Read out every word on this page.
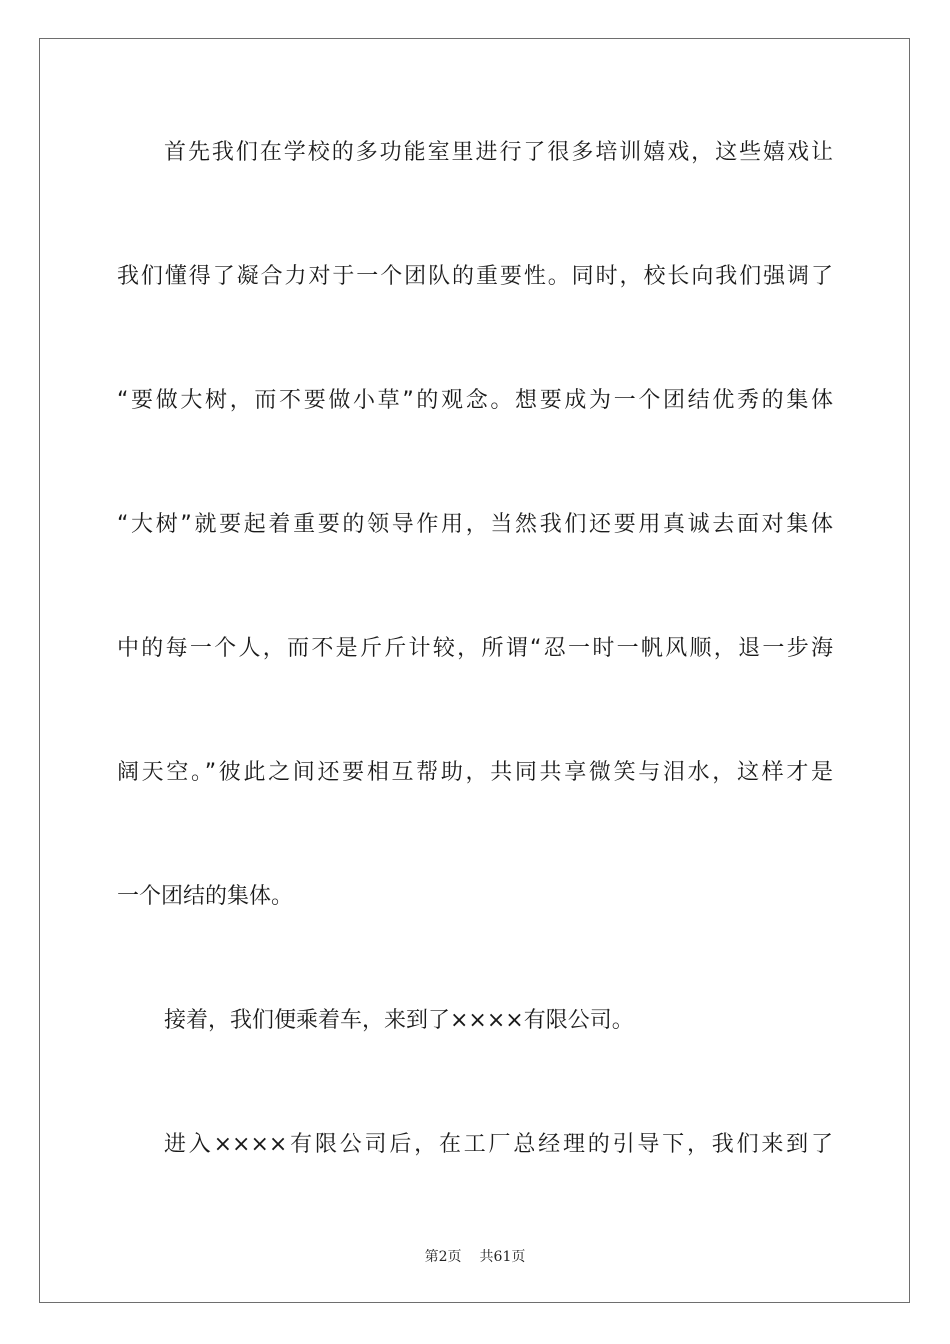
首先我们在学校的多功能室里进行了很多培训嬉戏，这些嬉戏让

我们懂得了凝合力对于一个团队的重要性。同时，校长向我们强调了

“要做大树，而不要做小草”的观念。想要成为一个团结优秀的集体

“大树”就要起着重要的领导作用，当然我们还要用真诚去面对集体

中的每一个人，而不是斤斤计较，所谓“忍一时一帆风顺，退一步海

阔天空。”彼此之间还要相互帮助，共同共享微笑与泪水，这样才是

一个团结的集体。

接着，我们便乘着车，来到了××××有限公司。

进入××××有限公司后，在工厂总经理的引导下，我们来到了

第2页 共61页
